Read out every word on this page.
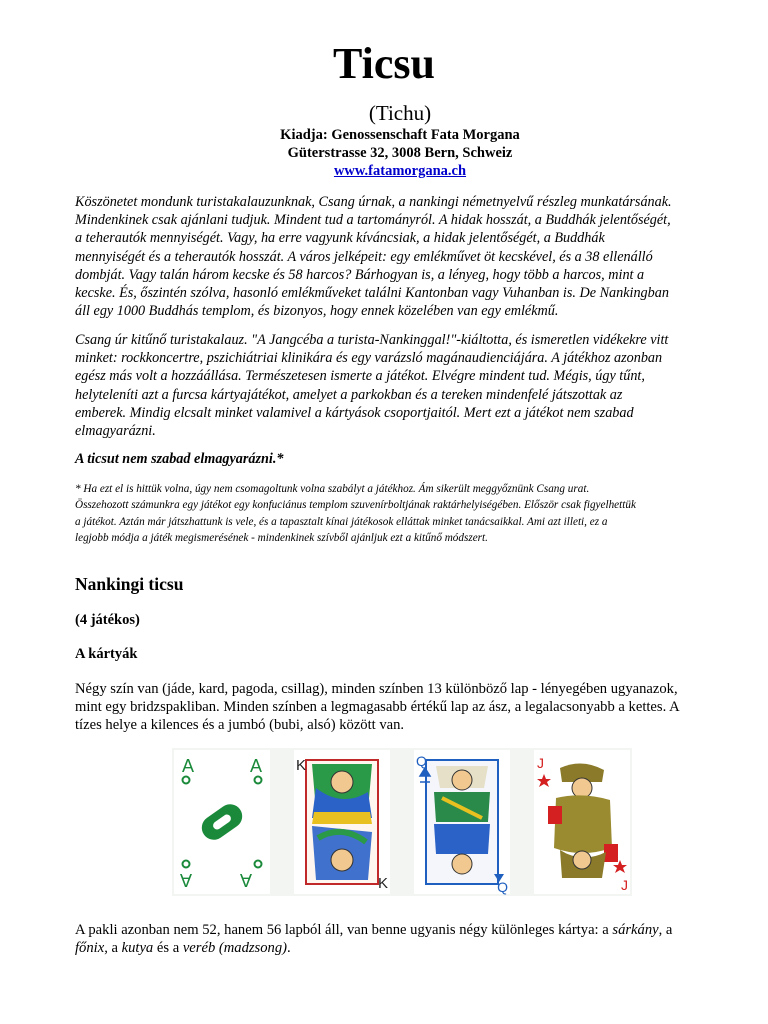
Ticsu
(Tichu)
Kiadja: Genossenschaft Fata Morgana
Güterstrasse 32, 3008 Bern, Schweiz
www.fatamorgana.ch
Köszönetet mondunk turistakalauzunknak, Csang úrnak, a nankingi németnyelvű részleg munkatársának.
Mindenkinek csak ajánlani tudjuk. Mindent tud a tartományról. A hidak hosszát, a Buddhák jelentőségét,
a teherautók mennyiségét. Vagy, ha erre vagyunk kíváncsiak, a hidak jelentőségét, a Buddhák
mennyiségét és a teherautók hosszát. A város jelképeit: egy emlékművet öt kecskével, és a 38 ellenálló
dombját. Vagy talán három kecske és 58 harcos? Bárhogyan is, a lényeg, hogy több a harcos, mint a
kecske. És, őszintén szólva, hasonló emlékműveket találni Kantonban vagy Vuhanban is. De Nankingban
áll egy 1000 Buddhás templom, és bizonyos, hogy ennek közelében van egy emlékmű.
Csang úr kitűnő turistakalauz. "A Jangcéba a turista-Nankinggal!"-kiáltotta, és ismeretlen vidékekre vitt
minket: rockkoncertre, pszichiátriai klinikára és egy varázsló magánaudienciájára. A játékhoz azonban
egész más volt a hozzáállása. Természetesen ismerte a játékot. Elvégre mindent tud. Mégis, úgy tűnt,
helyteleníti azt a furcsa kártyajátékot, amelyet a parkokban és a tereken mindenfelé játszottak az
emberek. Mindig elcsalt minket valamivel a kártyások csoportjaitól. Mert ezt a játékot nem szabad
elmagyarázni.
A ticsut nem szabad elmagyarázni.*
* Ha ezt el is hittük volna, úgy nem csomagoltunk volna szabályt a játékhoz. Ám sikerült meggyőznünk Csang urat.
Összehozott számunkra egy játékot egy konfuciánus templom szuvenírboltjának raktárhelyiségében. Először csak figyelhettük
a játékot. Aztán már játszhattunk is vele, és a tapasztalt kínai játékosok elláttak minket tanácsaikkal. Ami azt illeti, ez a
legjobb módja a játék megismerésének - mindenkinek szívből ajánljuk ezt a kitűnő módszert.
Nankingi ticsu
(4 játékos)
A kártyák
Négy szín van (jáde, kard, pagoda, csillag), minden színben 13 különböző lap - lényegében ugyanazok,
mint egy bridzspakliban. Minden színben a legmagasabb értékű lap az ász, a legalacsonyabb a kettes. A
tízes helye a kilences és a jumbó (bubi, alsó) között van.
A	A
A	A
K
K
Q
Q
J
J
A pakli azonban nem 52, hanem 56 lapból áll, van benne ugyanis négy különleges kártya: a sárkány, a
főnix, a kutya és a veréb (madzsong).
